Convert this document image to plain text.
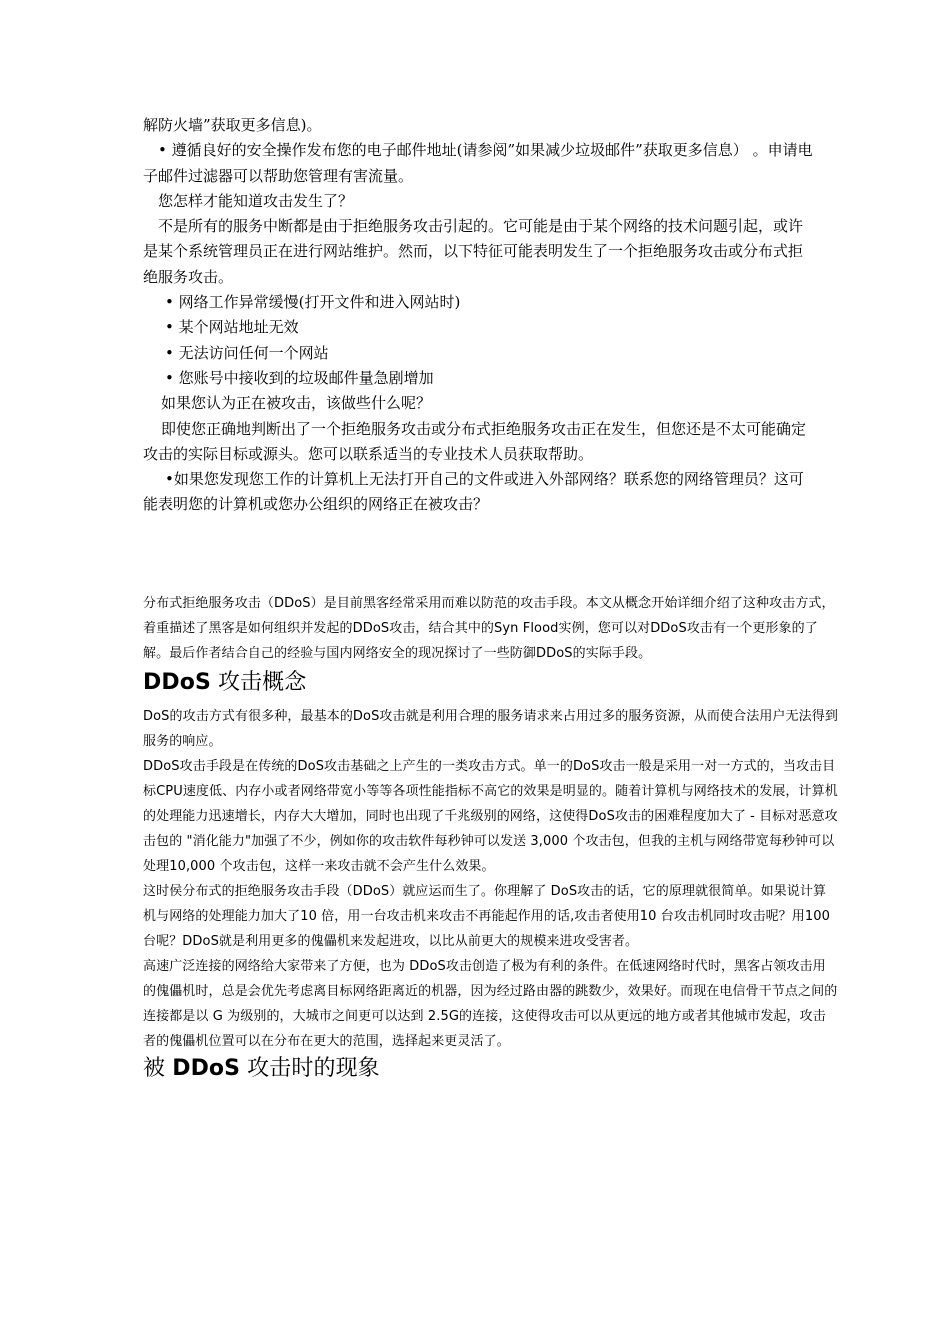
解防火墙”获取更多信息)。

• 遵循良好的安全操作发布您的电子邮件地址(请参阅”如果减少垃圾邮件”获取更多信息） 。申请电子邮件过滤器可以帮助您管理有害流量。

您怎样才能知道攻击发生了？

不是所有的服务中断都是由于拒绝服务攻击引起的。它可能是由于某个网络的技术问题引起，或许是某个系统管理员正在进行网站维护。然而，以下特征可能表明发生了一个拒绝服务攻击或分布式拒绝服务攻击。

• 网络工作异常缓慢(打开文件和进入网站时)

• 某个网站地址无效

• 无法访问任何一个网站

• 您账号中接收到的垃圾邮件量急剧增加

如果您认为正在被攻击，该做些什么呢？

即使您正确地判断出了一个拒绝服务攻击或分布式拒绝服务攻击正在发生，但您还是不太可能确定攻击的实际目标或源头。您可以联系适当的专业技术人员获取帮助。

•如果您发现您工作的计算机上无法打开自己的文件或进入外部网络？联系您的网络管理员？这可能表明您的计算机或您办公组织的网络正在被攻击？

分布式拒绝服务攻击（DDoS）是目前黑客经常采用而难以防范的攻击手段。本文从概念开始详细介绍了这种攻击方式，着重描述了黑客是如何组织并发起的DDoS攻击，结合其中的Syn Flood实例，您可以对DDoS攻击有一个更形象的了解。最后作者结合自己的经验与国内网络安全的现况探讨了一些防御DDoS的实际手段。

DDoS 攻击概念

DoS的攻击方式有很多种，最基本的DoS攻击就是利用合理的服务请求来占用过多的服务资源，从而使合法用户无法得到服务的响应。

DDoS攻击手段是在传统的DoS攻击基础之上产生的一类攻击方式。单一的DoS攻击一般是采用一对一方式的，当攻击目标CPU速度低、内存小或者网络带宽小等等各项性能指标不高它的效果是明显的。随着计算机与网络技术的发展，计算机的处理能力迅速增长，内存大大增加，同时也出现了千兆级别的网络，这使得DoS攻击的困难程度加大了 - 目标对恶意攻击包的 "消化能力"加强了不少，例如你的攻击软件每秒钟可以发送 3,000 个攻击包，但我的主机与网络带宽每秒钟可以处理10,000 个攻击包，这样一来攻击就不会产生什么效果。

这时侯分布式的拒绝服务攻击手段（DDoS）就应运而生了。你理解了 DoS攻击的话，它的原理就很简单。如果说计算机与网络的处理能力加大了10 倍，用一台攻击机来攻击不再能起作用的话,攻击者使用10 台攻击机同时攻击呢？用100 台呢？DDoS就是利用更多的傀儡机来发起进攻，以比从前更大的规模来进攻受害者。

高速广泛连接的网络给大家带来了方便，也为 DDoS攻击创造了极为有利的条件。在低速网络时代时，黑客占领攻击用的傀儡机时，总是会优先考虑离目标网络距离近的机器，因为经过路由器的跳数少，效果好。而现在电信骨干节点之间的连接都是以 G 为级别的，大城市之间更可以达到 2.5G的连接，这使得攻击可以从更远的地方或者其他城市发起，攻击者的傀儡机位置可以在分布在更大的范围，选择起来更灵活了。

被 DDoS 攻击时的现象
